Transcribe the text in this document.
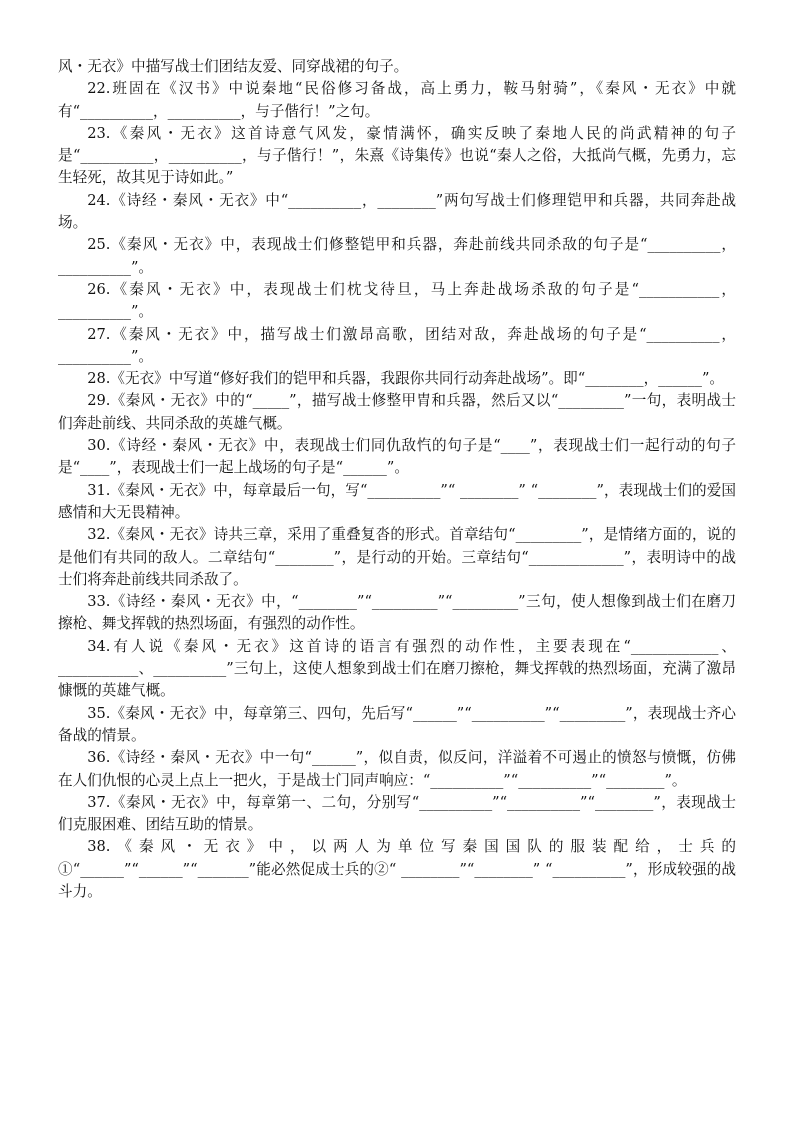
风・无衣》中描写战士们团结友爱、同穿战裙的句子。

22.班固在《汉书》中说秦地“民俗修习备战，高上勇力，鞍马射骑”，《秦风・无衣》中就有“__________，__________，与子偕行！”之句。

23.《秦风・无衣》这首诗意气风发，豪情满怀，确实反映了秦地人民的尚武精神的句子是“__________，__________，与子偕行！”，朱熹《诗集传》也说“秦人之俗，大抵尚气概，先勇力，忘生轻死，故其见于诗如此。”

24.《诗经・秦风・无衣》中“__________，________”两句写战士们修理铠甲和兵器，共同奔赴战场。

25.《秦风・无衣》中，表现战士们修整铠甲和兵器，奔赴前线共同杀敌的句子是“__________，__________”。

26.《秦风・无衣》中，表现战士们枕戈待旦，马上奔赴战场杀敌的句子是“___________，__________”。

27.《秦风・无衣》中，描写战士们激昂高歌，团结对敌，奔赴战场的句子是“__________，__________”。

28.《无衣》中写道“修好我们的铠甲和兵器，我跟你共同行动奔赴战场”。即“________，______”。

29.《秦风・无衣》中的“_____”，描写战士修整甲胄和兵器，然后又以“_________”一句，表明战士们奔赴前线、共同杀敌的英雄气概。

30.《诗经・秦风・无衣》中，表现战士们同仇敌忾的句子是“____”，表现战士们一起行动的句子是“____”，表现战士们一起上战场的句子是“______”。

31.《秦风・无衣》中，每章最后一句，写“__________”“ ________” “________”，表现战士们的爱国感情和大无畏精神。

32.《秦风・无衣》诗共三章，采用了重叠复沓的形式。首章结句“_________”，是情绪方面的，说的是他们有共同的敌人。二章结句“________”，是行动的开始。三章结句“_____________”，表明诗中的战士们将奔赴前线共同杀敌了。

33.《诗经・秦风・无衣》中，“________”“_________”“_________”三句，使人想像到战士们在磨刀擦枪、舞戈挥戟的热烈场面，有强烈的动作性。

34.有人说《秦风・无衣》这首诗的语言有强烈的动作性，主要表现在“____________、___________、__________”三句上，这使人想象到战士们在磨刀擦枪，舞戈挥戟的热烈场面，充满了激昂慷慨的英雄气概。

35.《秦风・无衣》中，每章第三、四句，先后写“______”“__________”“_________”，表现战士齐心备战的情景。

36.《诗经・秦风・无衣》中一句“______”，似自责，似反问，洋溢着不可遏止的愤怒与愤慨，仿佛在人们仇恨的心灵上点上一把火，于是战士门同声响应：“__________”“__________”“________”。

37.《秦风・无衣》中，每章第一、二句，分别写“__________”“__________”“________”，表现战士们克服困难、团结互助的情景。

38.《秦风・无衣》中，以两人为单位写秦国国队的服装配给，士兵的①“______”“______”“_______”能必然促成士兵的②“ ________”“________” “__________”，形成较强的战斗力。
